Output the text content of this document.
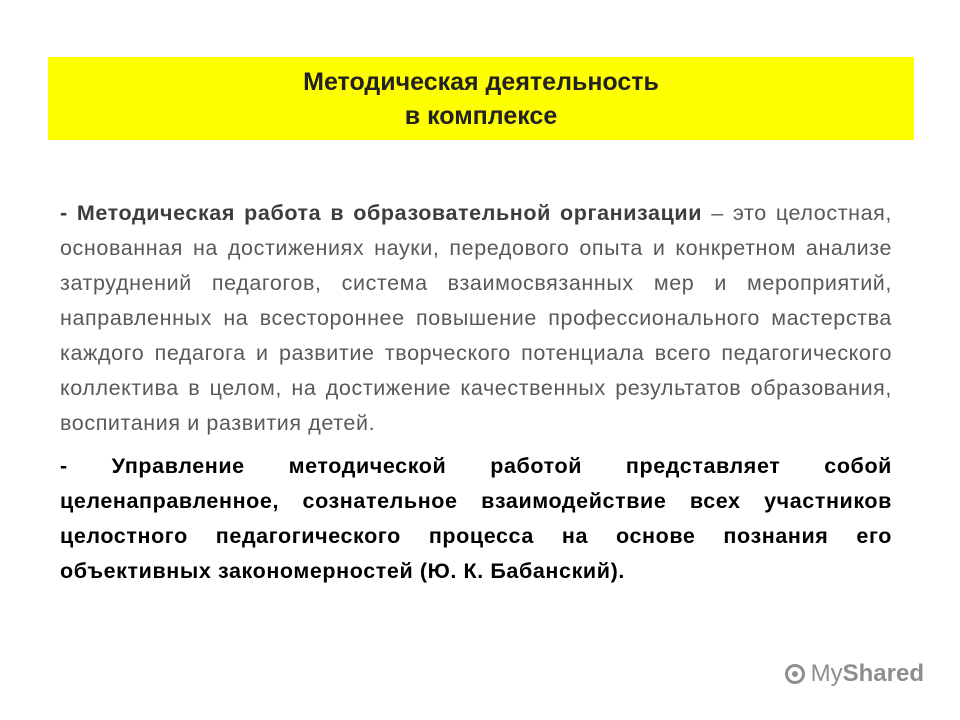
Методическая деятельность
в комплексе

- Методическая работа в образовательной организации – это целостная, основанная на достижениях науки, передового опыта и конкретном анализе затруднений педагогов, система взаимосвязанных мер и мероприятий, направленных на всестороннее повышение профессионального мастерства каждого педагога и развитие творческого потенциала всего педагогического коллектива в целом, на достижение качественных результатов образования, воспитания и развития детей.

- Управление методической работой представляет собой целенаправленное, сознательное взаимодействие всех участников целостного педагогического процесса на основе познания его объективных закономерностей (Ю. К. Бабанский).

MyShared
